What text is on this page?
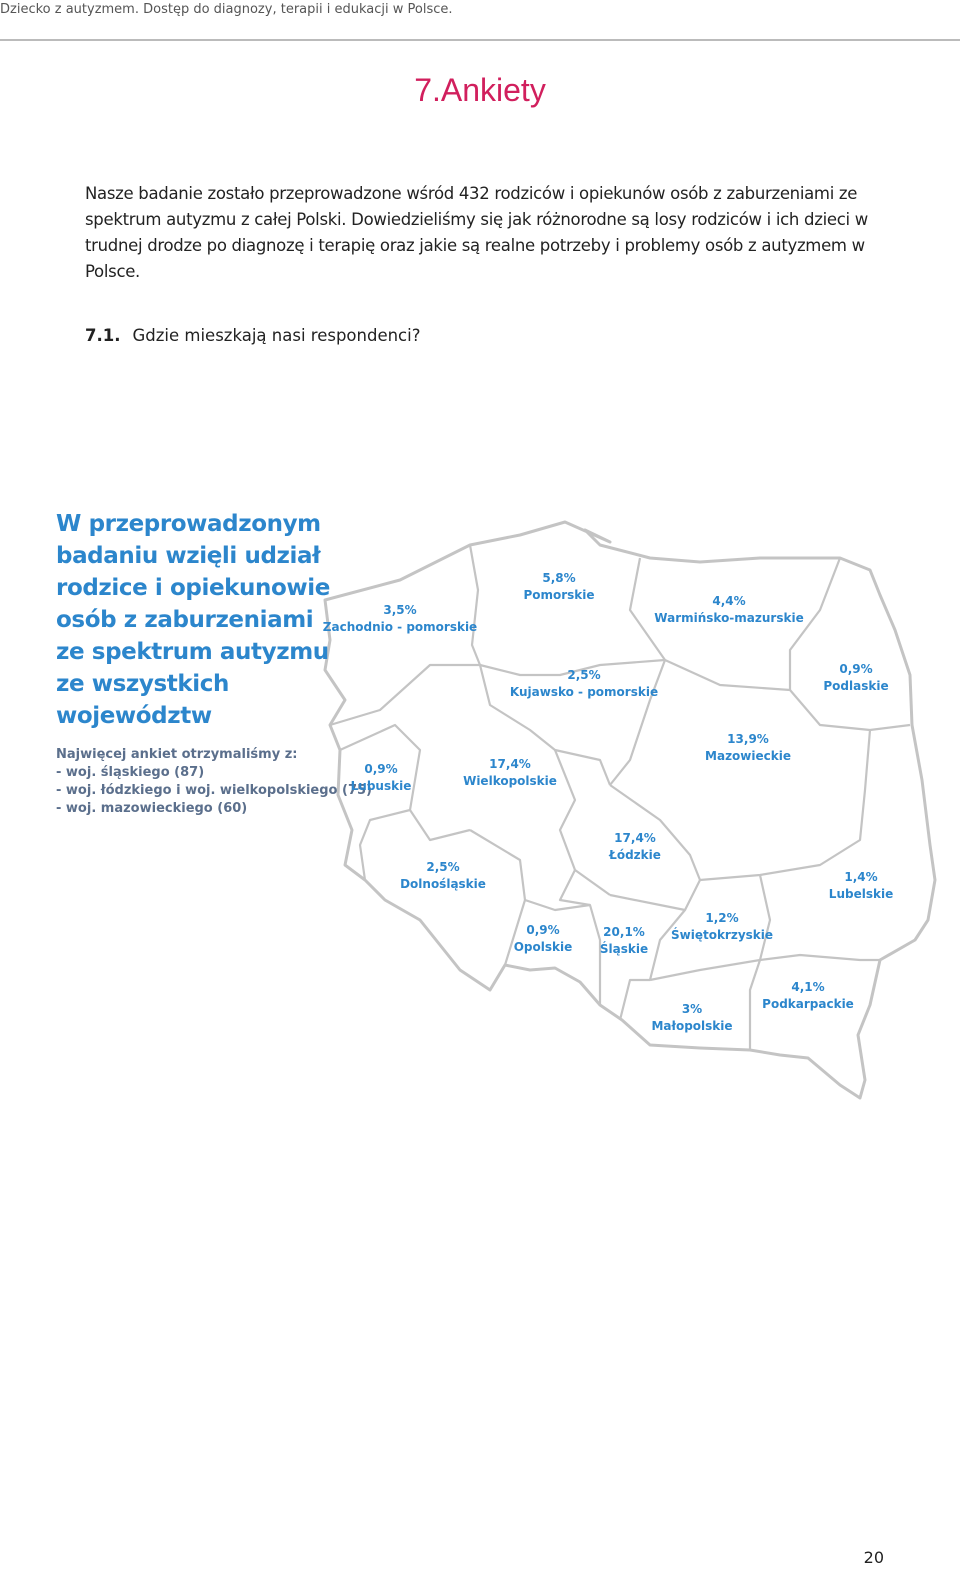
Dziecko z autyzmem. Dostęp do diagnozy, terapii i edukacji w Polsce.
7.Ankiety

Nasze badanie zostało przeprowadzone wśród 432 rodziców i opiekunów osób z zaburzeniami ze spektrum autyzmu z całej Polski. Dowiedzieliśmy się jak różnorodne są losy rodziców i ich dzieci w trudnej drodze po diagnozę i terapię oraz jakie są realne potrzeby i problemy osób z autyzmem w Polsce.

7.1. Gdzie mieszkają nasi respondenci?
W przeprowadzonym badaniu wzięli udział rodzice i opiekunowie osób z zaburzeniami ze spektrum autyzmu ze wszystkich województw
Najwięcej ankiet otrzymaliśmy z:
- woj. śląskiego (87)
- woj. łódzkiego i woj. wielkopolskiego (75)
- woj. mazowieckiego (60)
3,5%
Zachodnio - pomorskie
5,8%
Pomorskie	4,4%
Warmińsko-mazurskie
2,5%
Kujawsko - pomorskie
0,9%
Podlaskie
0,9%
Lubuskie
17,4%
Wielkopolskie
13,9%
Mazowieckie
17,4%
Łódzkie
2,5%
Dolnośląskie	1,4%
Lubelskie
0,9%
Opolskie
20,1%
Śląskie
1,2%
Świętokrzyskie
4,1%
Podkarpackie
3%
Małopolskie
20
